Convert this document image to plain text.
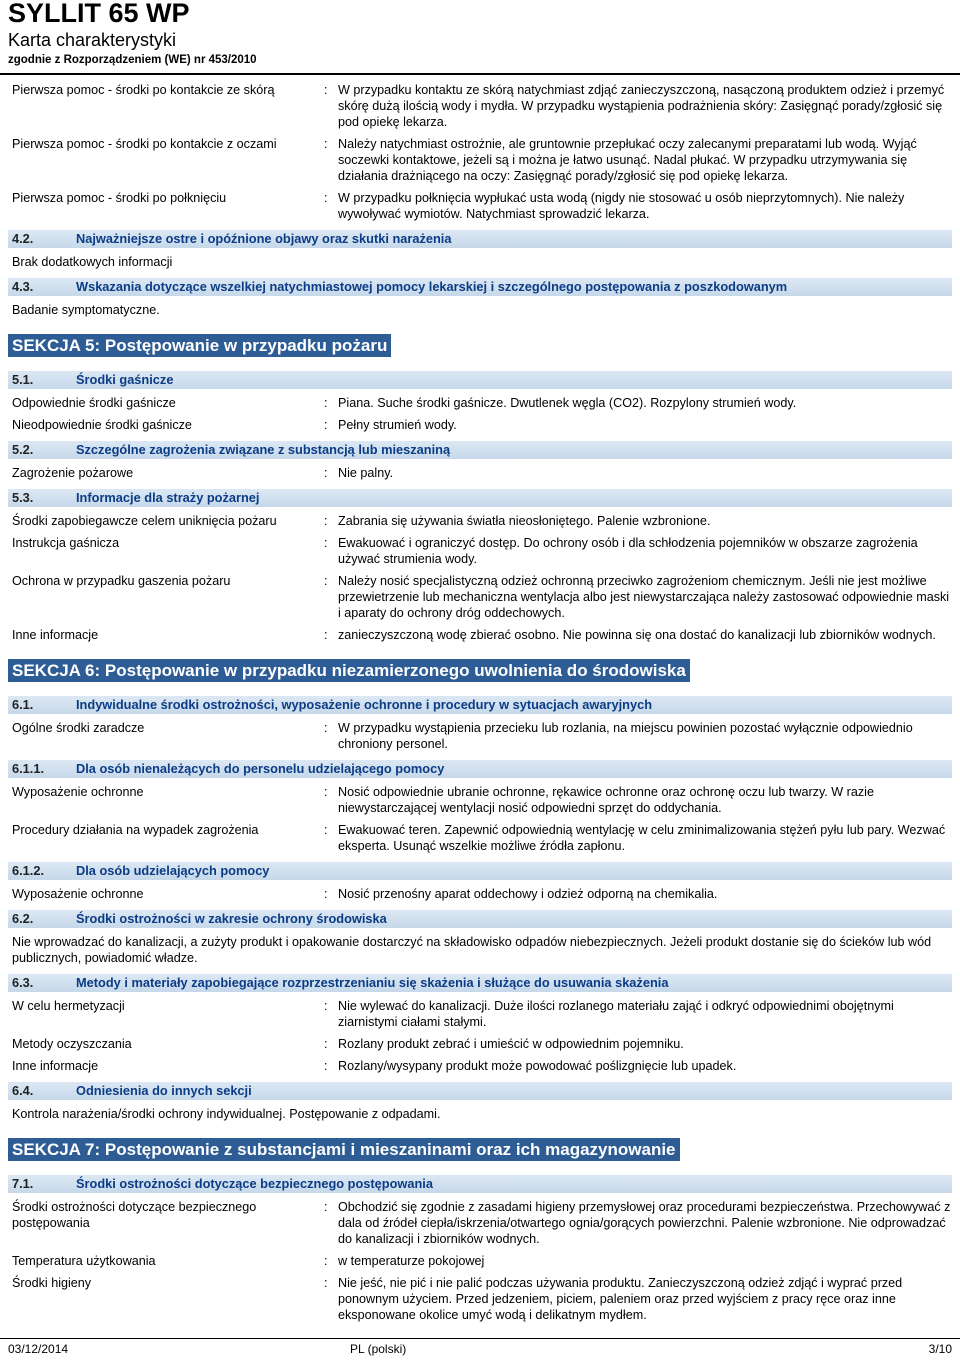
SYLLIT 65 WP
Karta charakterystyki
zgodnie z Rozporządzeniem (WE) nr 453/2010
Pierwsza pomoc - środki po kontakcie ze skórą	: W przypadku kontaktu ze skórą natychmiast zdjąć zanieczyszczoną, nasączoną produktem odzież i przemyć skórę dużą ilością wody i mydła. W przypadku wystąpienia podrażnienia skóry: Zasięgnąć porady/zgłosić się pod opiekę lekarza.
Pierwsza pomoc - środki po kontakcie z oczami	: Należy natychmiast ostrożnie, ale gruntownie przepłukać oczy zalecanymi preparatami lub wodą. Wyjąć soczewki kontaktowe, jeżeli są i można je łatwo usunąć. Nadal płukać. W przypadku utrzymywania się działania drażniącego na oczy: Zasięgnąć porady/zgłosić się pod opiekę lekarza.
Pierwsza pomoc - środki po połknięciu	: W przypadku połknięcia wypłukać usta wodą (nigdy nie stosować u osób nieprzytomnych). Nie należy wywoływać wymiotów. Natychmiast sprowadzić lekarza.
4.2.	Najważniejsze ostre i opóźnione objawy oraz skutki narażenia
Brak dodatkowych informacji
4.3.	Wskazania dotyczące wszelkiej natychmiastowej pomocy lekarskiej i szczególnego postępowania z poszkodowanym
Badanie symptomatyczne.
SEKCJA 5: Postępowanie w przypadku pożaru
5.1.	Środki gaśnicze
Odpowiednie środki gaśnicze	: Piana. Suche środki gaśnicze. Dwutlenek węgla (CO2). Rozpylony strumień wody.
Nieodpowiednie środki gaśnicze	: Pełny strumień wody.
5.2.	Szczególne zagrożenia związane z substancją lub mieszaniną
Zagrożenie pożarowe	: Nie palny.
5.3.	Informacje dla straży pożarnej
Środki zapobiegawcze celem uniknięcia pożaru	: Zabrania się używania światła nieosłoniętego. Palenie wzbronione.
Instrukcja gaśnicza	: Ewakuować i ograniczyć dostęp. Do ochrony osób i dla schłodzenia pojemników w obszarze zagrożenia używać strumienia wody.
Ochrona w przypadku gaszenia pożaru	: Należy nosić specjalistyczną odzież ochronną przeciwko zagrożeniom chemicznym. Jeśli nie jest możliwe przewietrzenie lub mechaniczna wentylacja albo jest niewystarczająca należy zastosować odpowiednie maski i aparaty do ochrony dróg oddechowych.
Inne informacje	: zanieczyszczoną wodę zbierać osobno. Nie powinna się ona dostać do kanalizacji lub zbiorników wodnych.
SEKCJA 6: Postępowanie w przypadku niezamierzonego uwolnienia do środowiska
6.1.	Indywidualne środki ostrożności, wyposażenie ochronne i procedury w sytuacjach awaryjnych
Ogólne środki zaradcze	: W przypadku wystąpienia przecieku lub rozlania, na miejscu powinien pozostać wyłącznie odpowiednio chroniony personel.
6.1.1.	Dla osób nienależących do personelu udzielającego pomocy
Wyposażenie ochronne	: Nosić odpowiednie ubranie ochronne, rękawice ochronne oraz ochronę oczu lub twarzy. W razie niewystarczającej wentylacji nosić odpowiedni sprzęt do oddychania.
Procedury działania na wypadek zagrożenia	: Ewakuować teren. Zapewnić odpowiednią wentylację w celu zminimalizowania stężeń pyłu lub pary. Wezwać eksperta. Usunąć wszelkie możliwe źródła zapłonu.
6.1.2.	Dla osób udzielających pomocy
Wyposażenie ochronne	: Nosić przenośny aparat oddechowy i odzież odporną na chemikalia.
6.2.	Środki ostrożności w zakresie ochrony środowiska
Nie wprowadzać do kanalizacji, a zużyty produkt i opakowanie dostarczyć na składowisko odpadów niebezpiecznych. Jeżeli produkt dostanie się do ścieków lub wód publicznych, powiadomić władze.
6.3.	Metody i materiały zapobiegające rozprzestrzenianiu się skażenia i służące do usuwania skażenia
W celu hermetyzacji	: Nie wylewać do kanalizacji. Duże ilości rozlanego materiału zająć i odkryć odpowiednimi obojętnymi ziarnistymi ciałami stałymi.
Metody oczyszczania	: Rozlany produkt zebrać i umieścić w odpowiednim pojemniku.
Inne informacje	: Rozlany/wysypany produkt może powodować poślizgnięcie lub upadek.
6.4.	Odniesienia do innych sekcji
Kontrola narażenia/środki ochrony indywidualnej. Postępowanie z odpadami.
SEKCJA 7: Postępowanie z substancjami i mieszaninami oraz ich magazynowanie
7.1.	Środki ostrożności dotyczące bezpiecznego postępowania
Środki ostrożności dotyczące bezpiecznego postępowania
: Obchodzić się zgodnie z zasadami higieny przemysłowej oraz procedurami bezpieczeństwa. Przechowywać z dala od źródeł ciepła/iskrzenia/otwartego ognia/gorących powierzchni. Palenie wzbronione. Nie odprowadzać do kanalizacji i zbiorników wodnych.
Temperatura użytkowania	: w temperaturze pokojowej
Środki higieny	: Nie jeść, nie pić i nie palić podczas używania produktu. Zanieczyszczoną odzież zdjąć i wyprać przed ponownym użyciem. Przed jedzeniem, piciem, paleniem oraz przed wyjściem z pracy ręce oraz inne eksponowane okolice umyć wodą i delikatnym mydłem.
03/12/2014	PL (polski)	3/10
